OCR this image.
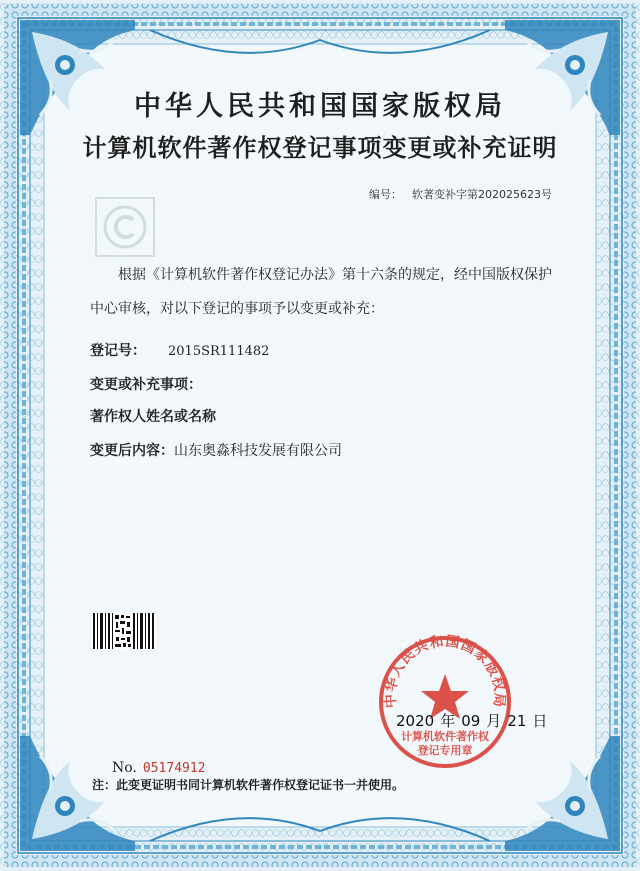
中华人民共和国国家版权局
计算机软件著作权登记事项变更或补充证明
编号： 软著变补字第202025623号
根据《计算机软件著作权登记办法》第十六条的规定，经中国版权保护中心审核，对以下登记的事项予以变更或补充：
登记号： 2015SR111482
变更或补充事项：
著作权人姓名或名称
变更后内容：山东奥淼科技发展有限公司
中华人民共和国国家版权局
计算机软件著作权
登记专用章
2020 年 09 月 21 日
No. 05174912
注：此变更证明书同计算机软件著作权登记证书一并使用。
